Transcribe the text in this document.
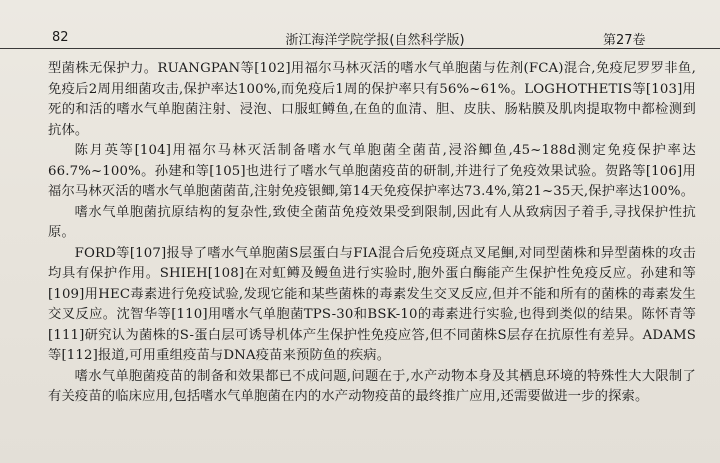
82	浙江海洋学院学报(自然科学版)	第27卷

型菌株无保护力。RUANGPAN等[102]用福尔马林灭活的嗜水气单胞菌与佐剂(FCA)混合,免疫尼罗罗非鱼,免疫后2周用细菌攻击,保护率达100%,而免疫后1周的保护率只有56%~61%。LOGHOTHETIS等[103]用死的和活的嗜水气单胞菌注射、浸泡、口服虹鳟鱼,在鱼的血清、胆、皮肤、肠粘膜及肌肉提取物中都检测到抗体。

陈月英等[104]用福尔马林灭活制备嗜水气单胞菌全菌苗,浸浴鲫鱼,45~188d测定免疫保护率达66.7%~100%。孙建和等[105]也进行了嗜水气单胞菌疫苗的研制,并进行了免疫效果试验。贺路等[106]用福尔马林灭活的嗜水气单胞菌菌苗,注射免疫银鲫,第14天免疫保护率达73.4%,第21~35天,保护率达100%。

嗜水气单胞菌抗原结构的复杂性,致使全菌苗免疫效果受到限制,因此有人从致病因子着手,寻找保护性抗原。

FORD等[107]报导了嗜水气单胞菌S层蛋白与FIA混合后免疫斑点叉尾鮰,对同型菌株和异型菌株的攻击均具有保护作用。SHIEH[108]在对虹鳟及鳗鱼进行实验时,胞外蛋白酶能产生保护性免疫反应。孙建和等[109]用HEC毒素进行免疫试验,发现它能和某些菌株的毒素发生交叉反应,但并不能和所有的菌株的毒素发生交叉反应。沈智华等[110]用嗜水气单胞菌TPS-30和BSK-10的毒素进行实验,也得到类似的结果。陈怀青等[111]研究认为菌株的S-蛋白层可诱导机体产生保护性免疫应答,但不同菌株S层存在抗原性有差异。ADAMS等[112]报道,可用重组疫苗与DNA疫苗来预防鱼的疾病。

嗜水气单胞菌疫苗的制备和效果都已不成问题,问题在于,水产动物本身及其栖息环境的特殊性大大限制了有关疫苗的临床应用,包括嗜水气单胞菌在内的水产动物疫苗的最终推广应用,还需要做进一步的探索。
